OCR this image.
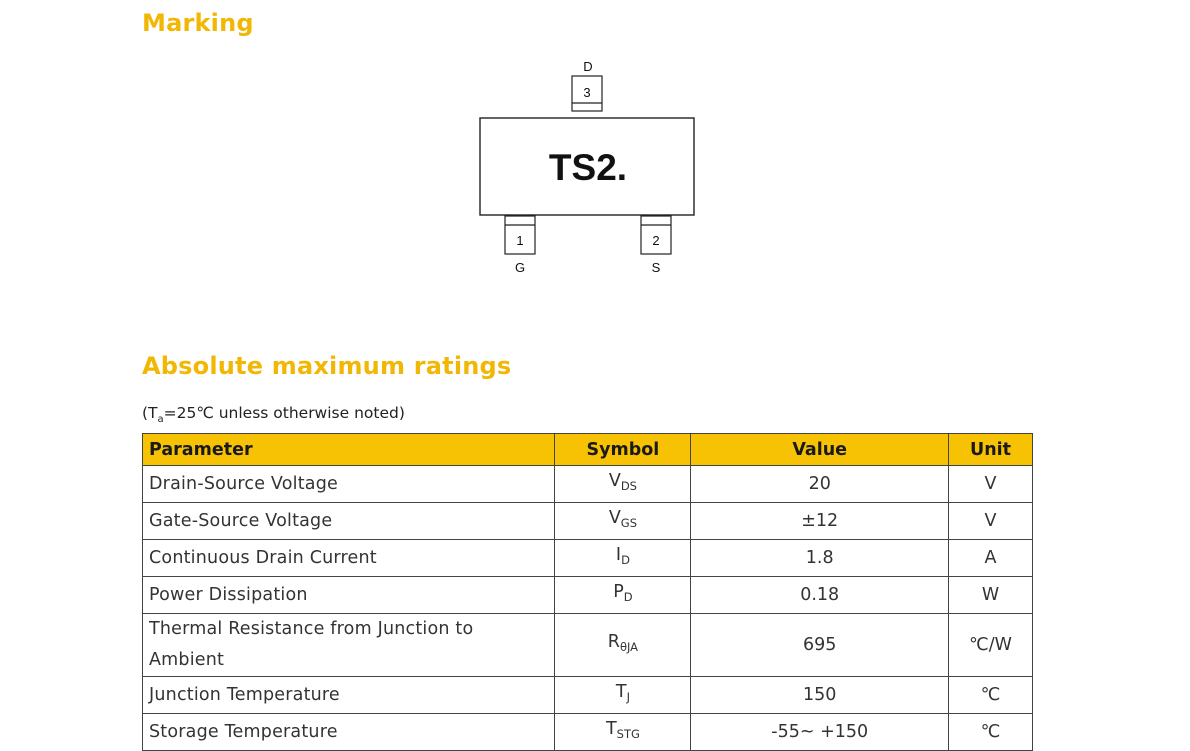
Marking
D
3
TS2.
1
G
2
S
Absolute maximum ratings
($T_a=25℃$ unless otherwise noted)
Parameter	Symbol	Value	Unit
Drain-Source Voltage	$V_{DS}$	20	V
Gate-Source Voltage	$V_{GS}$	±12	V
Continuous Drain Current	$I_D$	1.8	A
Power Dissipation	$P_D$	0.18	W
Thermal Resistance from Junction to Ambient	$R_{\theta JA}$	695	℃/W
Junction Temperature	$T_J$	150	℃
Storage Temperature	$T_{STG}$	-55~ +150	℃
